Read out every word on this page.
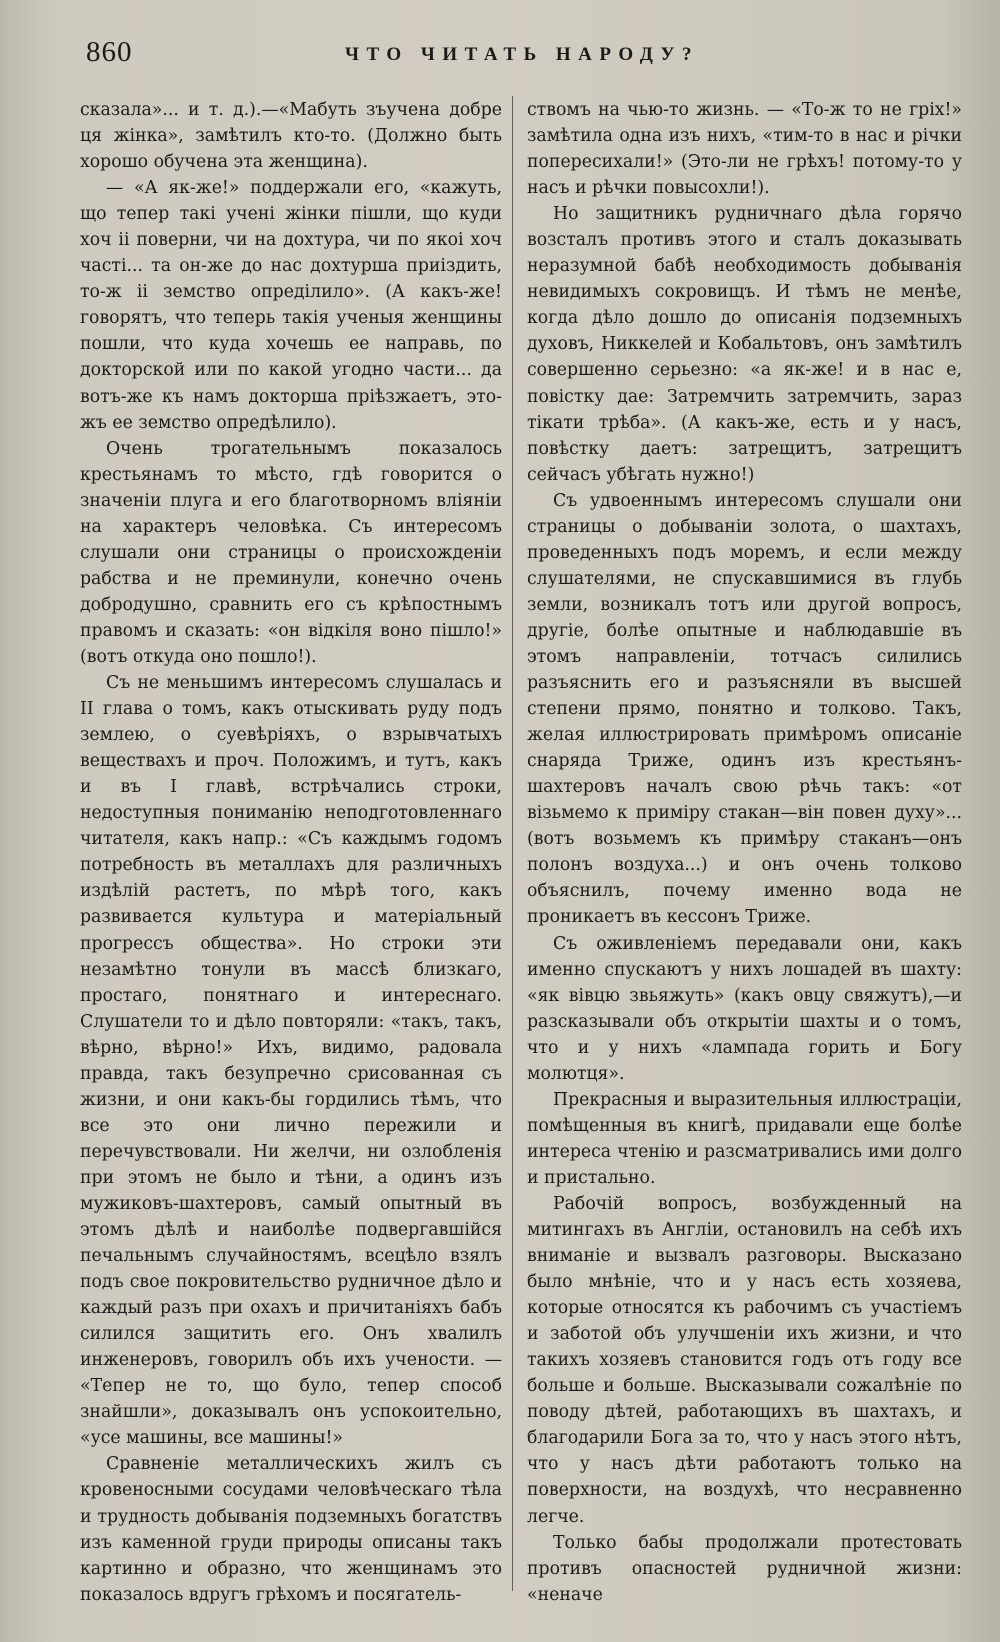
860	ЧТО ЧИТАТЬ НАРОДУ?

сказала»... и т. д.).—«Мабуть зъучена добре ця жінка», замѣтилъ кто-то. (Должно быть хорошо обучена эта женщина).

— «А як-же!» поддержали его, «кажуть, що тепер такі учені жінки пішли, що куди хоч ii поверни, чи на дохтура, чи по якоі хоч часті... та он-же до нас дохтурша приіздить, то-ж ii земство опредiлило». (А какъ-же! говорятъ, что теперь такія ученыя женщины пошли, что куда хочешь ее направь, по докторской или по какой угодно части... да вотъ-же къ намъ докторша пріѣзжаетъ, это-жъ ее земство опредѣлило).

Очень трогательнымъ показалось крестьянамъ то мѣсто, гдѣ говорится о значеніи плуга и его благотворномъ вліяніи на характеръ человѣка. Съ интересомъ слушали они страницы о происхожденіи рабства и не преминули, конечно очень добродушно, сравнить его съ крѣпостнымъ правомъ и сказать: «он відкіля воно пішло!» (вотъ откуда оно пошло!).

Съ не меньшимъ интересомъ слушалась и II глава о томъ, какъ отыскивать руду подъ землею, о суевѣріяхъ, о взрывчатыхъ веществахъ и проч. Положимъ, и тутъ, какъ и въ I главѣ, встрѣчались строки, недоступныя пониманію неподготовленнаго читателя, какъ напр.: «Съ каждымъ годомъ потребность въ металлахъ для различныхъ издѣлій растетъ, по мѣрѣ того, какъ развивается культура и матеріальный прогрессъ общества». Но строки эти незамѣтно тонули въ массѣ близкаго, простаго, понятнаго и интереснаго. Слушатели то и дѣло повторяли: «такъ, такъ, вѣрно, вѣрно!» Ихъ, видимо, радовала правда, такъ безупречно срисованная съ жизни, и они какъ-бы гордились тѣмъ, что все это они лично пережили и перечувствовали. Ни желчи, ни озлобленія при этомъ не было и тѣни, а одинъ изъ мужиковъ-шахтеровъ, самый опытный въ этомъ дѣлѣ и наиболѣе подвергавшійся печальнымъ случайностямъ, всецѣло взялъ подъ свое покровительство рудничное дѣло и каждый разъ при охахъ и причитаніяхъ бабъ силился защитить его. Онъ хвалилъ инженеровъ, говорилъ объ ихъ учености. — «Тепер не то, що було, тепер способ знайшли», доказывалъ онъ успокоительно, «усе машины, все машины!»

Сравненіе металлическихъ жилъ съ кровеносными сосудами человѣческаго тѣла и трудность добыванія подземныхъ богатствъ изъ каменной груди природы описаны такъ картинно и образно, что женщинамъ это показалось вдругъ грѣхомъ и посягатель-

ствомъ на чью-то жизнь. — «То-ж то не гріх!» замѣтила одна изъ нихъ, «тим-то в нас и річки попересихали!» (Это-ли не грѣхъ! потому-то у насъ и рѣчки повысохли!).

Но защитникъ рудничнаго дѣла горячо возсталъ противъ этого и сталъ доказывать неразумной бабѣ необходимость добыванія невидимыхъ сокровищъ. И тѣмъ не менѣе, когда дѣло дошло до описанія подземныхъ духовъ, Никкелей и Кобальтовъ, онъ замѣтилъ совершенно серьезно: «а як-же! и в нас е, повістку дае: Затремчить затремчить, зараз тікати трѣба». (А какъ-же, есть и у насъ, повѣстку даетъ: затрещитъ, затрещитъ сейчасъ убѣгать нужно!)

Съ удвоеннымъ интересомъ слушали они страницы о добываніи золота, о шахтахъ, проведенныхъ подъ моремъ, и если между слушателями, не спускавшимися въ глубь земли, возникалъ тотъ или другой вопросъ, другіе, болѣе опытные и наблюдавшіе въ этомъ направленіи, тотчасъ силились разъяснить его и разъясняли въ высшей степени прямо, понятно и толково. Такъ, желая иллюстрировать примѣромъ описаніе снаряда Триже, одинъ изъ крестьянъ-шахтеровъ началъ свою рѣчь такъ: «от візьмемо к приміру стакан—він повен духу»... (вотъ возьмемъ къ примѣру стаканъ—онъ полонъ воздуха...) и онъ очень толково объяснилъ, почему именно вода не проникаетъ въ кессонъ Триже.

Съ оживленіемъ передавали они, какъ именно спускаютъ у нихъ лошадей въ шахту: «як вівцю звьяжуть» (какъ овцу свяжутъ),—и разсказывали объ открытіи шахты и о томъ, что и у нихъ «лампада горить и Богу молютця».

Прекрасныя и выразительныя иллюстраціи, помѣщенныя въ книгѣ, придавали еще болѣе интереса чтенію и разсматривались ими долго и пристально.

Рабочій вопросъ, возбужденный на митингахъ въ Англіи, остановилъ на себѣ ихъ вниманіе и вызвалъ разговоры. Высказано было мнѣніе, что и у насъ есть хозяева, которые относятся къ рабочимъ съ участіемъ и заботой объ улучшеніи ихъ жизни, и что такихъ хозяевъ становится годъ отъ году все больше и больше. Высказывали сожалѣніе по поводу дѣтей, работающихъ въ шахтахъ, и благодарили Бога за то, что у насъ этого нѣтъ, что у насъ дѣти работаютъ только на поверхности, на воздухѣ, что несравненно легче.

Только бабы продолжали протестовать противъ опасностей рудничной жизни: «неначе
